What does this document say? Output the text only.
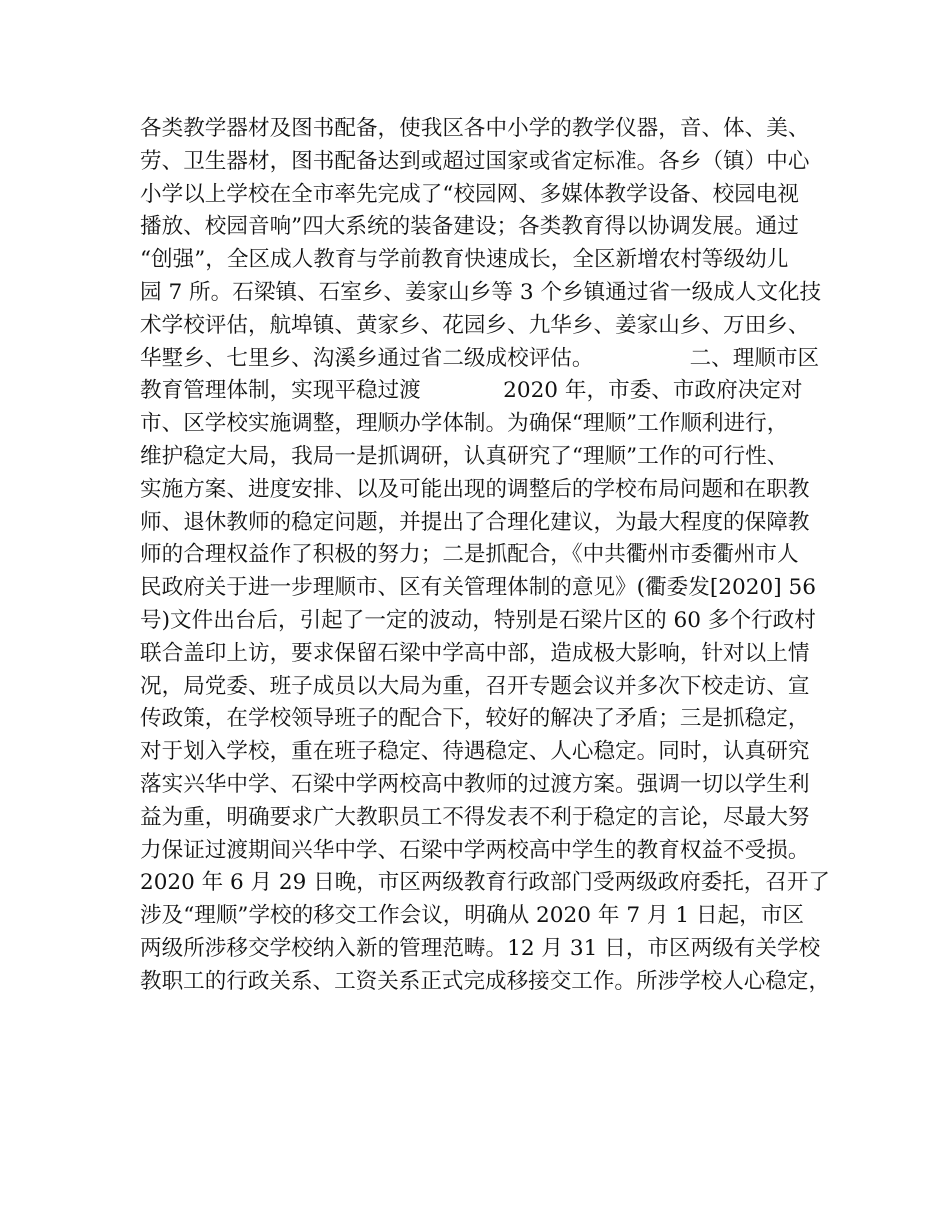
各类教学器材及图书配备，使我区各中小学的教学仪器，音、体、美、
劳、卫生器材，图书配备达到或超过国家或省定标准。各乡（镇）中心
小学以上学校在全市率先完成了“校园网、多媒体教学设备、校园电视
播放、校园音响”四大系统的装备建设；各类教育得以协调发展。通过
“创强”，全区成人教育与学前教育快速成长，全区新增农村等级幼儿
园 7 所。石梁镇、石室乡、姜家山乡等 3 个乡镇通过省一级成人文化技
术学校评估，航埠镇、黄家乡、花园乡、九华乡、姜家山乡、万田乡、
华墅乡、七里乡、沟溪乡通过省二级成校评估。              二、理顺市区
教育管理体制，实现平稳过渡            2020 年，市委、市政府决定对
市、区学校实施调整，理顺办学体制。为确保“理顺”工作顺利进行，
维护稳定大局，我局一是抓调研，认真研究了“理顺”工作的可行性、
实施方案、进度安排、以及可能出现的调整后的学校布局问题和在职教
师、退休教师的稳定问题，并提出了合理化建议，为最大程度的保障教
师的合理权益作了积极的努力；二是抓配合，《中共衢州市委衢州市人
民政府关于进一步理顺市、区有关管理体制的意见》(衢委发[2020] 56
号)文件出台后，引起了一定的波动，特别是石梁片区的 60 多个行政村
联合盖印上访，要求保留石梁中学高中部，造成极大影响，针对以上情
况，局党委、班子成员以大局为重，召开专题会议并多次下校走访、宣
传政策，在学校领导班子的配合下，较好的解决了矛盾；三是抓稳定，
对于划入学校，重在班子稳定、待遇稳定、人心稳定。同时，认真研究
落实兴华中学、石梁中学两校高中教师的过渡方案。强调一切以学生利
益为重，明确要求广大教职员工不得发表不利于稳定的言论，尽最大努
力保证过渡期间兴华中学、石梁中学两校高中学生的教育权益不受损。
2020 年 6 月 29 日晚，市区两级教育行政部门受两级政府委托，召开了
涉及“理顺”学校的移交工作会议，明确从 2020 年 7 月 1 日起，市区
两级所涉移交学校纳入新的管理范畴。12 月 31 日，市区两级有关学校
教职工的行政关系、工资关系正式完成移接交工作。所涉学校人心稳定，
